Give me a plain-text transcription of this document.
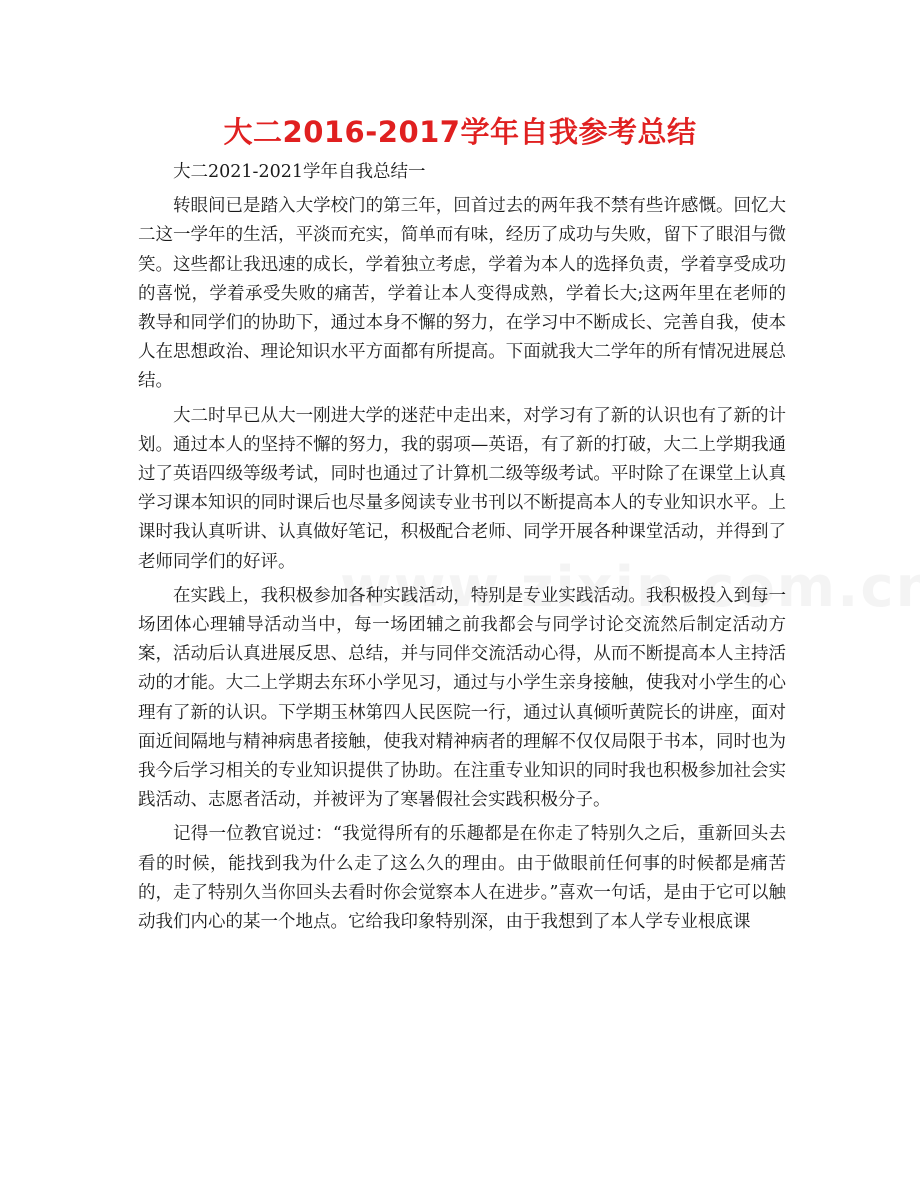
大二2016-2017学年自我参考总结

大二2021-2021学年自我总结一

转眼间已是踏入大学校门的第三年，回首过去的两年我不禁有些许感慨。回忆大二这一学年的生活，平淡而充实，简单而有味，经历了成功与失败，留下了眼泪与微笑。这些都让我迅速的成长，学着独立考虑，学着为本人的选择负责，学着享受成功的喜悦，学着承受失败的痛苦，学着让本人变得成熟，学着长大;这两年里在老师的教导和同学们的协助下，通过本身不懈的努力，在学习中不断成长、完善自我，使本人在思想政治、理论知识水平方面都有所提高。下面就我大二学年的所有情况进展总结。

大二时早已从大一刚进大学的迷茫中走出来，对学习有了新的认识也有了新的计划。通过本人的坚持不懈的努力，我的弱项—英语，有了新的打破，大二上学期我通过了英语四级等级考试，同时也通过了计算机二级等级考试。平时除了在课堂上认真学习课本知识的同时课后也尽量多阅读专业书刊以不断提高本人的专业知识水平。上课时我认真听讲、认真做好笔记，积极配合老师、同学开展各种课堂活动，并得到了老师同学们的好评。

在实践上，我积极参加各种实践活动，特别是专业实践活动。我积极投入到每一场团体心理辅导活动当中，每一场团辅之前我都会与同学讨论交流然后制定活动方案，活动后认真进展反思、总结，并与同伴交流活动心得，从而不断提高本人主持活动的才能。大二上学期去东环小学见习，通过与小学生亲身接触，使我对小学生的心理有了新的认识。下学期玉林第四人民医院一行，通过认真倾听黄院长的讲座，面对面近间隔地与精神病患者接触，使我对精神病者的理解不仅仅局限于书本，同时也为我今后学习相关的专业知识提供了协助。在注重专业知识的同时我也积极参加社会实践活动、志愿者活动，并被评为了寒暑假社会实践积极分子。

记得一位教官说过：“我觉得所有的乐趣都是在你走了特别久之后，重新回头去看的时候，能找到我为什么走了这么久的理由。由于做眼前任何事的时候都是痛苦的，走了特别久当你回头去看时你会觉察本人在进步。”喜欢一句话，是由于它可以触动我们内心的某一个地点。它给我印象特别深，由于我想到了本人学专业根底课
